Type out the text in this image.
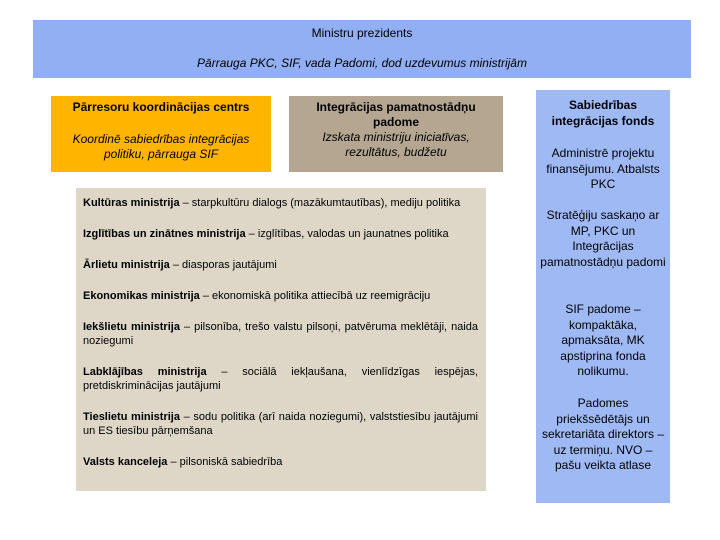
Ministru prezidents
Pārrauga PKC, SIF, vada Padomi, dod uzdevumus ministrijām
Pārresoru koordinācijas centrs
Koordinē sabiedrības integrācijas politiku, pārrauga SIF
Integrācijas pamatnostādņu padome
Izskata ministriju iniciatīvas, rezultātus, budžetu
Kultūras ministrija – starpkultūru dialogs (mazākumtautības), mediju politika
Izglītības un zinātnes ministrija – izglītības, valodas un jaunatnes politika
Ārlietu ministrija – diasporas jautājumi
Ekonomikas ministrija – ekonomiskā politika attiecībā uz reemigrāciju
Iekšlietu ministrija – pilsonība, trešo valstu pilsoņi, patvēruma meklētāji, naida noziegumi
Labklājības ministrija – sociālā iekļaušana, vienlīdzīgas iespējas, pretdiskriminācijas jautājumi
Tieslietu ministrija – sodu politika (arī naida noziegumi), valststiesību jautājumi un ES tiesību pārņemšana
Valsts kanceleja – pilsoniskā sabiedrība
Sabiedrības integrācijas fonds
Administrē projektu finansējumu. Atbalsts PKC
Stratēģiju saskaņo ar MP, PKC un Integrācijas pamatnostādņu padomi
SIF padome – kompaktāka, apmaksāta, MK apstiprina fonda nolikumu.
Padomes priekšsēdētājs un sekretariāta direktors – uz termiņu. NVO – pašu veikta atlase
